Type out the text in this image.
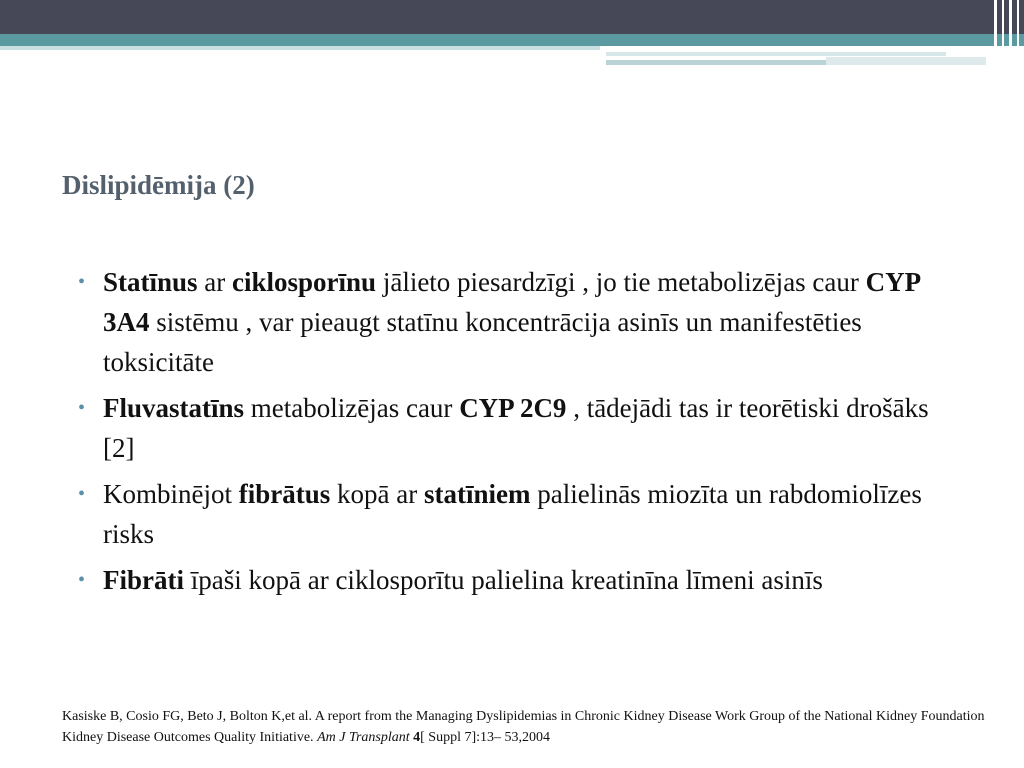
Dislipidēmija (2)
• Statīnus ar ciklosporīnu jālieto piesardzīgi , jo tie metabolizējas caur CYP 3A4 sistēmu , var pieaugt statīnu koncentrācija asinīs un manifestēties toksicitāte
• Fluvastatīns metabolizējas caur CYP 2C9 , tādejādi tas ir teorētiski drošāks [2]
• Kombinējot fibrātus kopā ar statīniem palielinās miozīta un rabdomiolīzes risks
• Fibrāti īpaši kopā ar ciklosporītu palielina kreatinīna līmeni asinīs
Kasiske B, Cosio FG, Beto J, Bolton K,et al. A report from the Managing Dyslipidemias in Chronic Kidney Disease Work Group of the National Kidney Foundation Kidney Disease Outcomes Quality Initiative. Am J Transplant 4[ Suppl 7]:13– 53,2004
